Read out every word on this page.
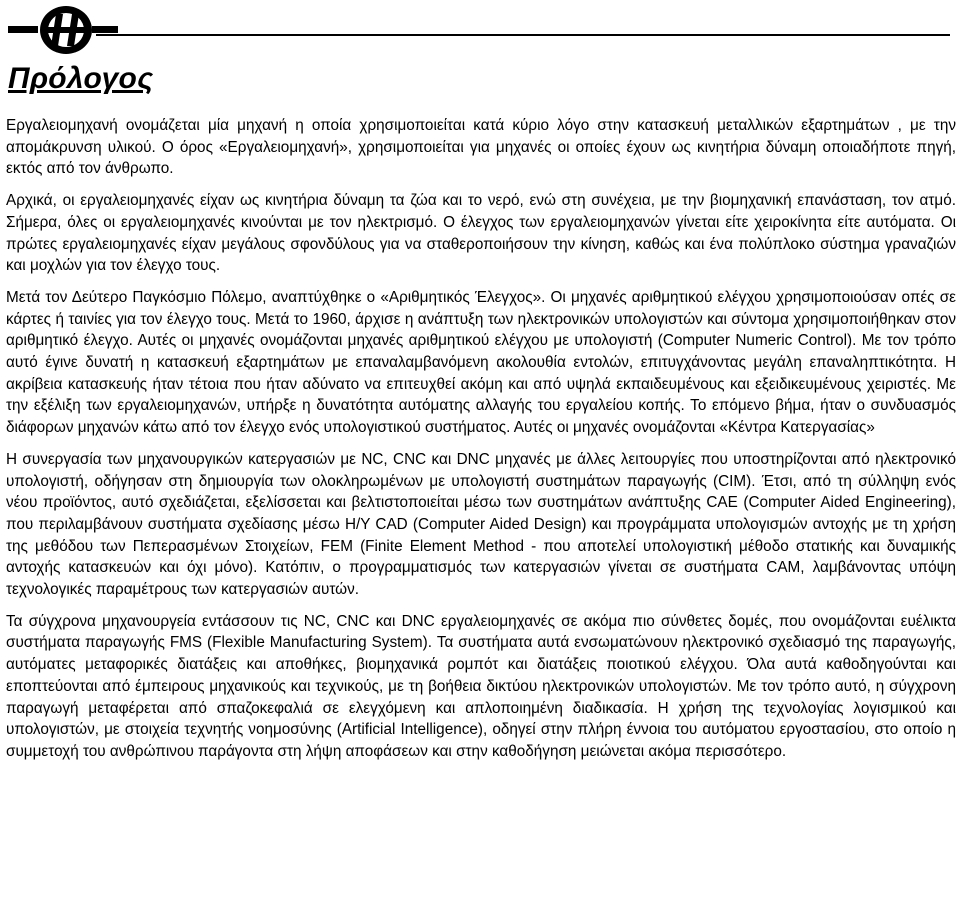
Πρόλογος

Εργαλειομηχανή ονομάζεται μία μηχανή η οποία χρησιμοποιείται κατά κύριο λόγο στην κατασκευή μεταλλικών εξαρτημάτων , με την απομάκρυνση υλικού. Ο όρος «Εργαλειομηχανή», χρησιμοποιείται για μηχανές οι οποίες έχουν ως κινητήρια δύναμη οποιαδήποτε πηγή, εκτός από τον άνθρωπο.

Αρχικά, οι εργαλειομηχανές είχαν ως κινητήρια δύναμη τα ζώα και το νερό, ενώ στη συνέχεια, με την βιομηχανική επανάσταση, τον ατμό. Σήμερα, όλες οι εργαλειομηχανές κινούνται με τον ηλεκτρισμό. Ο έλεγχος των εργαλειομηχανών γίνεται είτε χειροκίνητα είτε αυτόματα. Οι πρώτες εργαλειομηχανές είχαν μεγάλους σφονδύλους για να σταθεροποιήσουν την κίνηση, καθώς και ένα πολύπλοκο σύστημα γραναζιών και μοχλών για τον έλεγχο τους.

Μετά τον Δεύτερο Παγκόσμιο Πόλεμο, αναπτύχθηκε ο «Αριθμητικός Έλεγχος». Οι μηχανές αριθμητικού ελέγχου χρησιμοποιούσαν οπές σε κάρτες ή ταινίες για τον έλεγχο τους. Μετά το 1960, άρχισε η ανάπτυξη των ηλεκτρονικών υπολογιστών και σύντομα χρησιμοποιήθηκαν στον αριθμητικό έλεγχο. Αυτές οι μηχανές ονομάζονται μηχανές αριθμητικού ελέγχου με υπολογιστή (Computer Numeric Control). Με τον τρόπο αυτό έγινε δυνατή η κατασκευή εξαρτημάτων με επαναλαμβανόμενη ακολουθία εντολών, επιτυγχάνοντας μεγάλη επαναληπτικότητα. Η ακρίβεια κατασκευής ήταν τέτοια που ήταν αδύνατο να επιτευχθεί ακόμη και από υψηλά εκπαιδευμένους και εξειδικευμένους χειριστές. Με την εξέλιξη των εργαλειομηχανών, υπήρξε η δυνατότητα αυτόματης αλλαγής του εργαλείου κοπής. Το επόμενο βήμα, ήταν ο συνδυασμός διάφορων μηχανών κάτω από τον έλεγχο ενός υπολογιστικού συστήματος. Αυτές οι μηχανές ονομάζονται «Κέντρα Κατεργασίας»

Η συνεργασία των μηχανουργικών κατεργασιών με NC, CNC και DNC μηχανές με άλλες λειτουργίες που υποστηρίζονται από ηλεκτρονικό υπολογιστή, οδήγησαν στη δημιουργία των ολοκληρωμένων με υπολογιστή συστημάτων παραγωγής (CIM). Έτσι, από τη σύλληψη ενός νέου προϊόντος, αυτό σχεδιάζεται, εξελίσσεται και βελτιστοποιείται μέσω των συστημάτων ανάπτυξης CAE (Computer Aided Engineering), που περιλαμβάνουν συστήματα σχεδίασης μέσω H/Y CAD (Computer Aided Design) και προγράμματα υπολογισμών αντοχής με τη χρήση της μεθόδου των Πεπερασμένων Στοιχείων, FEM (Finite Element Method - που αποτελεί υπολογιστική μέθοδο στατικής και δυναμικής αντοχής κατασκευών και όχι μόνο). Κατόπιν, ο προγραμματισμός των κατεργασιών γίνεται σε συστήματα CAM, λαμβάνοντας υπόψη τεχνολογικές παραμέτρους των κατεργασιών αυτών.

Τα σύγχρονα μηχανουργεία εντάσσουν τις NC, CNC και DNC εργαλειομηχανές σε ακόμα πιο σύνθετες δομές, που ονομάζονται ευέλικτα συστήματα παραγωγής FMS (Flexible Manufacturing System). Τα συστήματα αυτά ενσωματώνουν ηλεκτρονικό σχεδιασμό της παραγωγής, αυτόματες μεταφορικές διατάξεις και αποθήκες, βιομηχανικά ρομπότ και διατάξεις ποιοτικού ελέγχου. Όλα αυτά καθοδηγούνται και εποπτεύονται από έμπειρους μηχανικούς και τεχνικούς, με τη βοήθεια δικτύου ηλεκτρονικών υπολογιστών. Με τον τρόπο αυτό, η σύγχρονη παραγωγή μεταφέρεται από σπαζοκεφαλιά σε ελεγχόμενη και απλοποιημένη διαδικασία. Η χρήση της τεχνολογίας λογισμικού και υπολογιστών, με στοιχεία τεχνητής νοημοσύνης (Artificial Intelligence), οδηγεί στην πλήρη έννοια του αυτόματου εργοστασίου, στο οποίο η συμμετοχή του ανθρώπινου παράγοντα στη λήψη αποφάσεων και στην καθοδήγηση μειώνεται ακόμα περισσότερο.
